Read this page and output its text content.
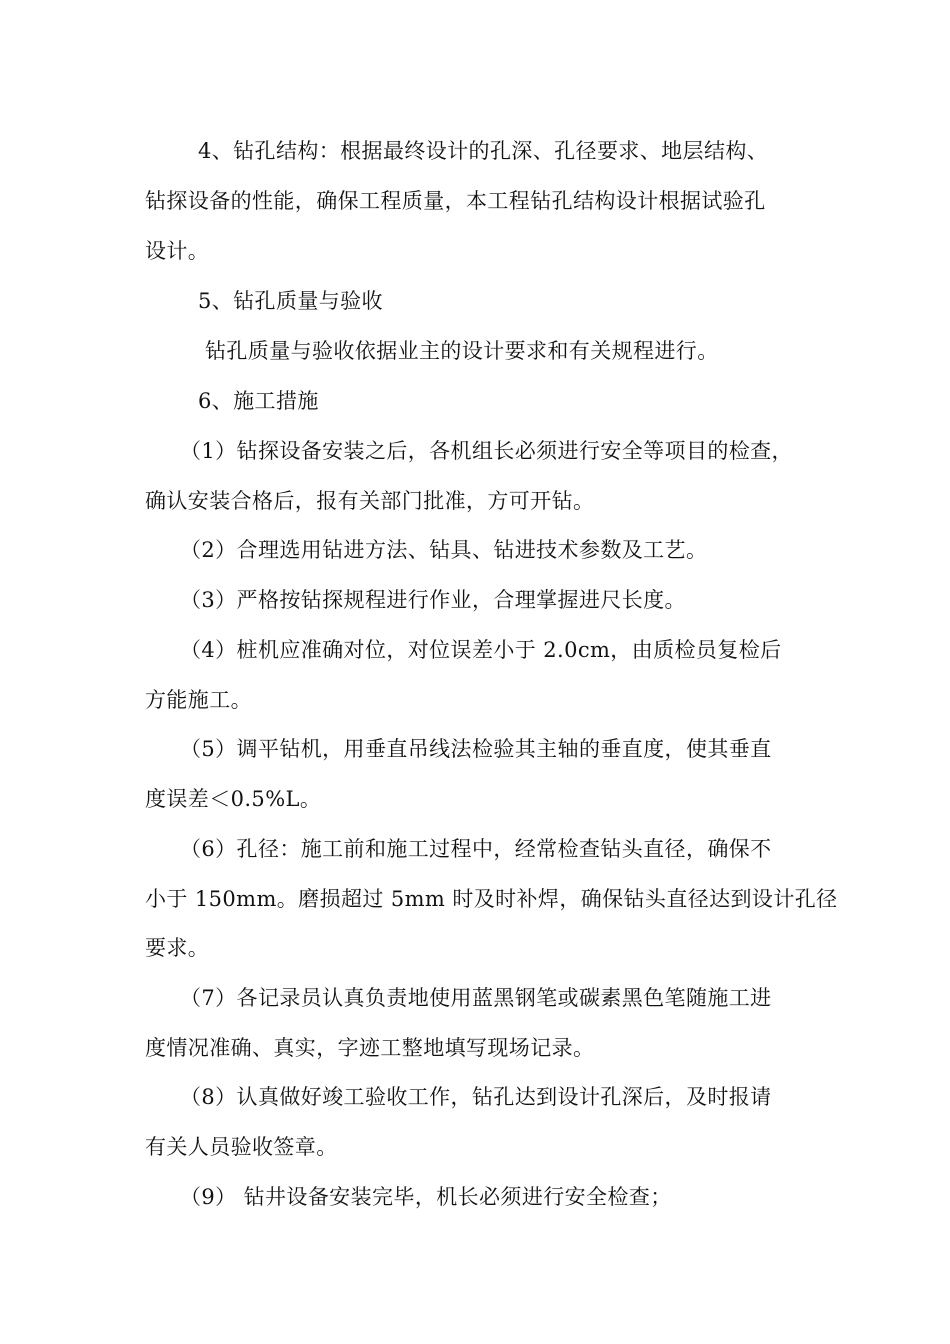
4、钻孔结构：根据最终设计的孔深、孔径要求、地层结构、
钻探设备的性能，确保工程质量，本工程钻孔结构设计根据试验孔
设计。
5、钻孔质量与验收
钻孔质量与验收依据业主的设计要求和有关规程进行。
6、施工措施
（1）钻探设备安装之后，各机组长必须进行安全等项目的检查，
确认安装合格后，报有关部门批准，方可开钻。
（2）合理选用钻进方法、钻具、钻进技术参数及工艺。
（3）严格按钻探规程进行作业，合理掌握进尺长度。
（4）桩机应准确对位，对位误差小于 2.0cm，由质检员复检后
方能施工。
（5）调平钻机，用垂直吊线法检验其主轴的垂直度，使其垂直
度误差＜0.5%L。
（6）孔径：施工前和施工过程中，经常检查钻头直径，确保不
小于 150mm。磨损超过 5mm 时及时补焊，确保钻头直径达到设计孔径
要求。
（7）各记录员认真负责地使用蓝黑钢笔或碳素黑色笔随施工进
度情况准确、真实，字迹工整地填写现场记录。
（8）认真做好竣工验收工作，钻孔达到设计孔深后，及时报请
有关人员验收签章。
（9） 钻井设备安装完毕，机长必须进行安全检查；
